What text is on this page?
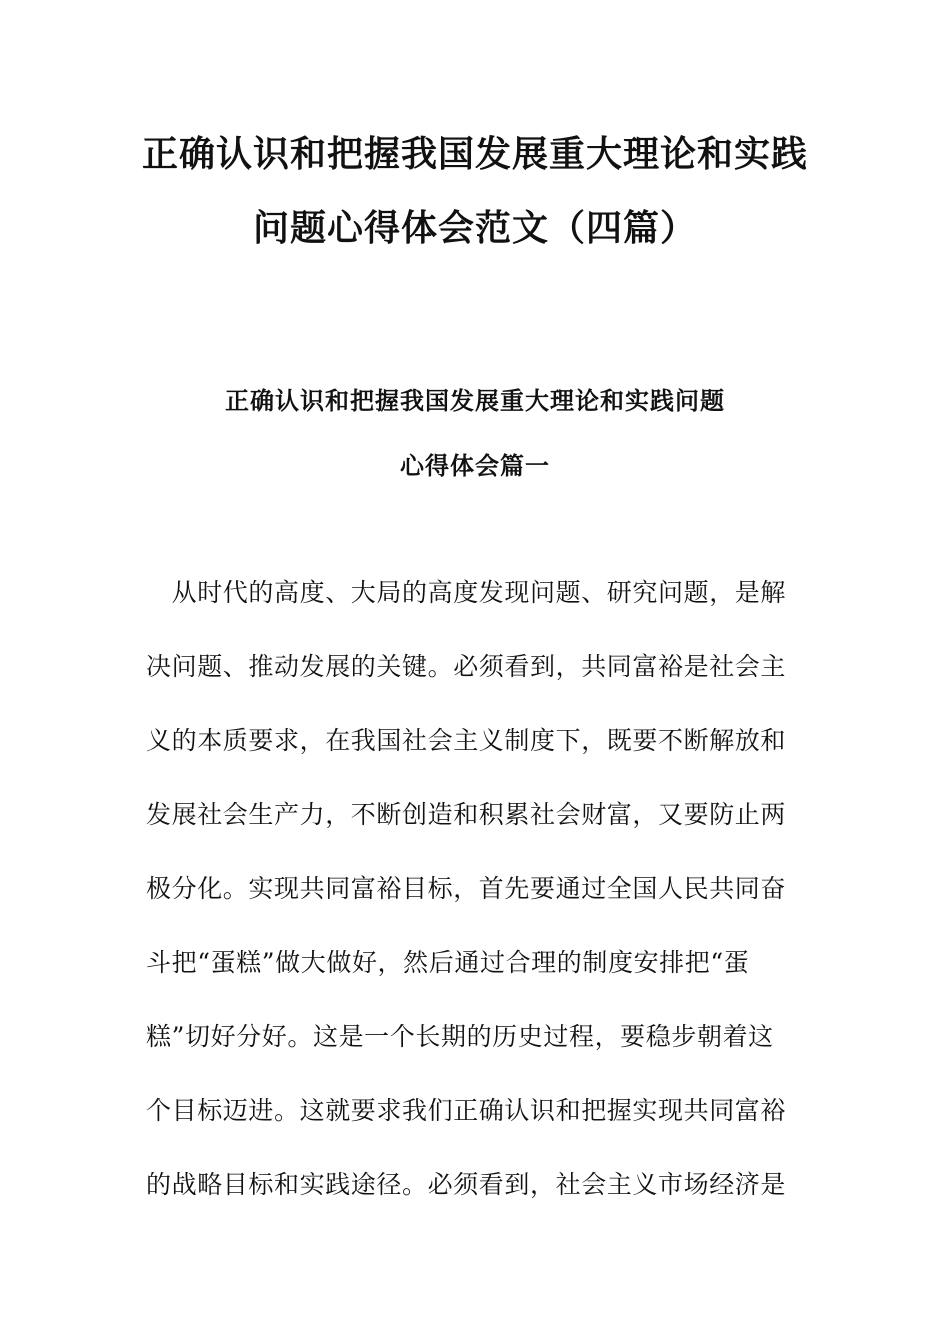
正确认识和把握我国发展重大理论和实践
问题心得体会范文（四篇）
正确认识和把握我国发展重大理论和实践问题
心得体会篇一
　从时代的高度、大局的高度发现问题、研究问题，是解
决问题、推动发展的关键。必须看到，共同富裕是社会主
义的本质要求，在我国社会主义制度下，既要不断解放和
发展社会生产力，不断创造和积累社会财富，又要防止两
极分化。实现共同富裕目标，首先要通过全国人民共同奋
斗把“蛋糕”做大做好，然后通过合理的制度安排把“蛋
糕”切好分好。这是一个长期的历史过程，要稳步朝着这
个目标迈进。这就要求我们正确认识和把握实现共同富裕
的战略目标和实践途径。必须看到，社会主义市场经济是
